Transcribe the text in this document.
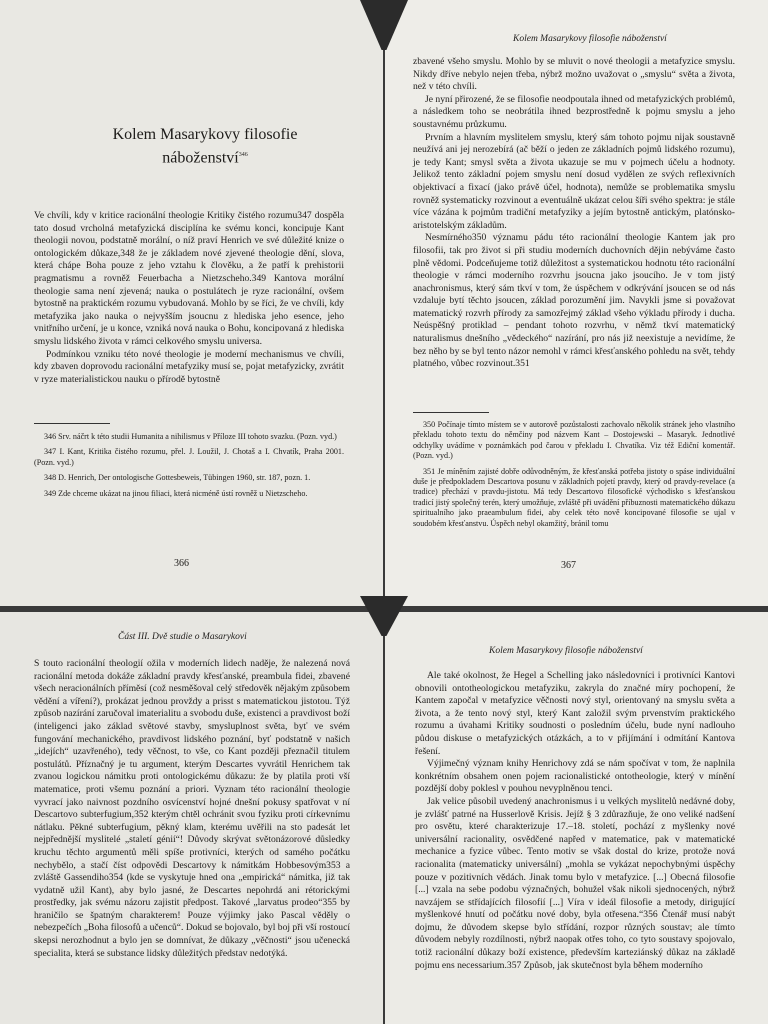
Kolem Masarykovy filosofie
náboženství$^{346}$

Ve chvíli, kdy v kritice racionální theologie Kritiky čistého rozumu347 dospěla tato dosud vrcholná metafyzická disciplína ke svému konci, koncipuje Kant theologii novou, podstatně morální, o níž praví Henrich ve své důležité knize o ontologickém důkaze,348 že je základem nové zjevené theologie dění, slova, která chápe Boha pouze z jeho vztahu k člověku, a že patří k prehistorii pragmatismu a rovněž Feuerbacha a Nietzscheho.349 Kantova morální theologie sama není zjevená; nauka o postulátech je ryze racionální, ovšem bytostně na praktickém rozumu vybudovaná. Mohlo by se říci, že ve chvíli, kdy metafyzika jako nauka o nejvyšším jsoucnu z hlediska jeho esence, jeho vnitřního určení, je u konce, vzniká nová nauka o Bohu, koncipovaná z hlediska smyslu lidského života v rámci celkového smyslu universa.

Podmínkou vzniku této nové theologie je moderní mechanismus ve chvíli, kdy zbaven doprovodu racionální metafyziky musí se, pojat metafyzicky, zvrátit v ryze materialistickou nauku o přírodě bytostně

346 Srv. náčrt k této studii Humanita a nihilismus v Příloze III tohoto svazku. (Pozn. vyd.)

347 I. Kant, Kritika čistého rozumu, přel. J. Loužil, J. Chotaš a I. Chvatík, Praha 2001. (Pozn. vyd.)

348 D. Henrich, Der ontologische Gottesbeweis, Tübingen 1960, str. 187, pozn. 1.

349 Zde chceme ukázat na jinou filiaci, která nicméně ústí rovněž u Nietzscheho.

366
Kolem Masarykovy filosofie náboženství

zbavené všeho smyslu. Mohlo by se mluvit o nové theologii a metafyzice smyslu. Nikdy dříve nebylo nejen třeba, nýbrž možno uvažovat o „smyslu“ světa a života, než v této chvíli.

Je nyní přirozené, že se filosofie neodpoutala ihned od metafyzických problémů, a následkem toho se neobrátila ihned bezprostředně k pojmu smyslu a jeho soustavnému průzkumu.

Prvním a hlavním myslitelem smyslu, který sám tohoto pojmu nijak soustavně neužívá ani jej nerozebírá (ač běží o jeden ze základních pojmů lidského rozumu), je tedy Kant; smysl světa a života ukazuje se mu v pojmech účelu a hodnoty. Jelikož tento základní pojem smyslu není dosud vydělen ze svých reflexivních objektivací a fixací (jako právě účel, hodnota), nemůže se problematika smyslu rovněž systematicky rozvinout a eventuálně ukázat celou šíři svého spektra: je stále více vázána k pojmům tradiční metafyziky a jejím bytostně antickým, platónsko-aristotelským základům.

Nesmírného350 významu pádu této racionální theologie Kantem jak pro filosofii, tak pro život si při studiu moderních duchovních dějin nebýváme často plně vědomi. Podceňujeme totiž důležitost a systematickou hodnotu této racionální theologie v rámci moderního rozvrhu jsoucna jako jsoucího. Je v tom jistý anachronismus, který sám tkví v tom, že úspěchem v odkrývání jsoucen se od nás vzdaluje bytí těchto jsoucen, základ porozumění jim. Navykli jsme si považovat matematický rozvrh přírody za samozřejmý základ všeho výkladu přírody i ducha. Neúspěšný protiklad – pendant tohoto rozvrhu, v němž tkví matematický naturalismus dnešního „vědeckého“ nazírání, pro nás již neexistuje a nevidíme, že bez něho by se byl tento názor nemohl v rámci křesťanského pohledu na svět, tehdy platného, vůbec rozvinout.351

350 Počínaje tímto místem se v autorově pozůstalosti zachovalo několik stránek jeho vlastního překladu tohoto textu do němčiny pod názvem Kant – Dostojewski – Masaryk. Jednotlivé odchylky uvádíme v poznámkách pod čarou v překladu I. Chvatíka. Viz též Ediční komentář. (Pozn. vyd.)

351 Je míněním zajisté dobře odůvodněným, že křesťanská potřeba jistoty o spáse individuální duše je předpokladem Descartova posunu v základních pojetí pravdy, který od pravdy-revelace (a tradice) přechází v pravdu-jistotu. Má tedy Descartovo filosofické východisko s křesťanskou tradicí jistý společný terén, který umožňuje, zvláště při uvádění příbuznosti matematického důkazu spiritualního jako praeambulum fidei, aby celek této nově koncipované filosofie se ujal v soudobém křesťanstvu. Úspěch nebyl okamžitý, bránil tomu

367
Část III. Dvě studie o Masarykovi

S touto racionální theologií ožila v moderních lidech naděje, že nalezená nová racionální metoda dokáže základní pravdy křesťanské, preambula fidei, zbavené všech neracionálních příměsí (což nesměšoval celý středověk nějakým způsobem vědění a víření?), prokázat jednou provždy a prisst s matematickou jistotou. Týž způsob nazírání zaručoval imaterialitu a svobodu duše, existenci a pravdivost boží (inteligenci jako základ světové stavby, smysluplnost světa, byť ve svém fungování mechanického, pravdivost lidského poznání, byť podstatně v našich „idejích“ uzavřeného), tedy věčnost, to vše, co Kant později přeznačil titulem postulátů. Příznačný je tu argument, kterým Descartes vyvrátil Henrichem tak zvanou logickou námitku proti ontologickému důkazu: že by platila proti vší matematice, proti všemu poznání a priori. Vyznam této racionální theologie vyvrací jako naivnost pozdního osvícenství hojné dnešní pokusy spatřovat v ní Descartovo subterfugium,352 kterým chtěl ochránit svou fyziku proti církevnímu nátlaku. Pěkné subterfugium, pěkný klam, kterému uvěřili na sto padesát let nejpřednější myslitelé „staletí génií“! Důvody skrývat světonázorové důsledky kruchu těchto argumentů měli spíše protivníci, kterých od samého počátku nechybělo, a stačí číst odpovědi Descartovy k námitkám Hobbesovým353 a zvláště Gassendiho354 (kde se vyskytuje hned ona „empirická“ námitka, již tak vydatně užil Kant), aby bylo jasné, že Descartes nepohrdá ani rétorickými prostředky, jak svému názoru zajistit předpost. Takové „larvatus prodeo“355 by hraničilo se špatným charakterem! Pouze výjimky jako Pascal věděly o nebezpečích „Boha filosofů a učenců“. Dokud se bojovalo, byl boj při vší rostoucí skepsi nerozhodnut a bylo jen se domnívat, že důkazy „věčnosti“ jsou učenecká specialita, která se substance lidsky důležitých představ nedotýká.

Kolem Masarykovy filosofie náboženství

Ale také okolnost, že Hegel a Schelling jako následovníci i protivníci Kantovi obnovili ontotheologickou metafyziku, zakryla do značné míry pochopení, že Kantem započal v metafyzice věčnosti nový styl, orientovaný na smyslu světa a života, a že tento nový styl, který Kant založil svým prvenstvím praktického rozumu a úvahami Kritiky soudnosti o posledním účelu, bude nyní nadlouho půdou diskuse o metafyzických otázkách, a to v přijímání i odmítání Kantova řešení.

Výjimečný význam knihy Henrichovy zdá se nám spočívat v tom, že naplnila konkrétním obsahem onen pojem racionalistické ontotheologie, který v mínění pozdější doby poklesl v pouhou nevyplněnou tenci.

Jak velice působil uvedený anachronismus i u velkých myslitelů nedávné doby, je zvlášť patrné na Husserlově Krisis. Jejíž § 3 zdůrazňuje, že ono veliké nadšení pro osvětu, které charakterizuje 17.–18. století, pochází z myšlenky nové universální racionality, osvědčené napřed v matematice, pak v matematické mechanice a fyzice vůbec. Tento motiv se však dostal do krize, protože nová racionalita (matematicky universální) „mohla se vykázat nepochybnými úspěchy pouze v pozitivních vědách. Jinak tomu bylo v metafyzice. [...] Obecná filosofie [...] vzala na sebe podobu význačných, bohužel však nikoli sjednocených, nýbrž navzájem se střídajících filosofií [...] Víra v ideál filosofie a metody, dirigující myšlenkové hnutí od počátku nové doby, byla otřesena.“356 Čtenář musí nabýt dojmu, že důvodem skepse bylo střídání, rozpor různých soustav; ale tímto důvodem nebyly rozdílnosti, nýbrž naopak otřes toho, co tyto soustavy spojovalo, totiž racionální důkazy boží existence, především karteziánský důkaz na základě pojmu ens necessarium.357 Způsob, jak skutečnost byla během moderního
